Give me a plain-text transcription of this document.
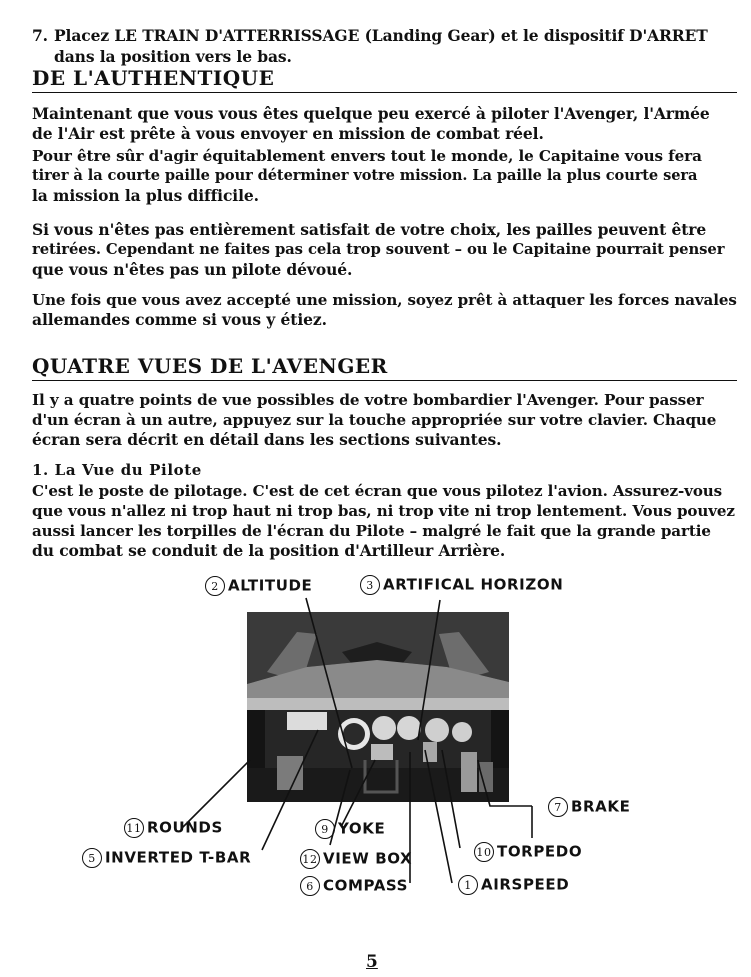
7. Placez LE TRAIN D'ATTERRISSAGE (Landing Gear) et le dispositif D'ARRET
dans la position vers le bas.
DE L'AUTHENTIQUE
Maintenant que vous vous êtes quelque peu exercé à piloter l'Avenger, l'Armée
de l'Air est prête à vous envoyer en mission de combat réel.
Pour être sûr d'agir équitablement envers tout le monde, le Capitaine vous fera
tirer à la courte paille pour déterminer votre mission. La paille la plus courte sera
la mission la plus difficile.
Si vous n'êtes pas entièrement satisfait de votre choix, les pailles peuvent être
retirées. Cependant ne faites pas cela trop souvent – ou le Capitaine pourrait penser
que vous n'êtes pas un pilote dévoué.
Une fois que vous avez accepté une mission, soyez prêt à attaquer les forces navales
allemandes comme si vous y étiez.
QUATRE VUES DE L'AVENGER
Il y a quatre points de vue possibles de votre bombardier l'Avenger. Pour passer
d'un écran à un autre, appuyez sur la touche appropriée sur votre clavier. Chaque
écran sera décrit en détail dans les sections suivantes.
1. La Vue du Pilote
C'est le poste de pilotage. C'est de cet écran que vous pilotez l'avion. Assurez-vous
que vous n'allez ni trop haut ni trop bas, ni trop vite ni trop lentement. Vous pouvez
aussi lancer les torpilles de l'écran du Pilote – malgré le fait que la grande partie
du combat se conduit de la position d'Artilleur Arrière.
2 ALTITUDE	3 ARTIFICAL HORIZON
7 BRAKE
11 ROUNDS	9 YOKE
10 TORPEDO
5 INVERTED T-BAR	12 VIEW BOX
6 COMPASS	1 AIRSPEED
5
